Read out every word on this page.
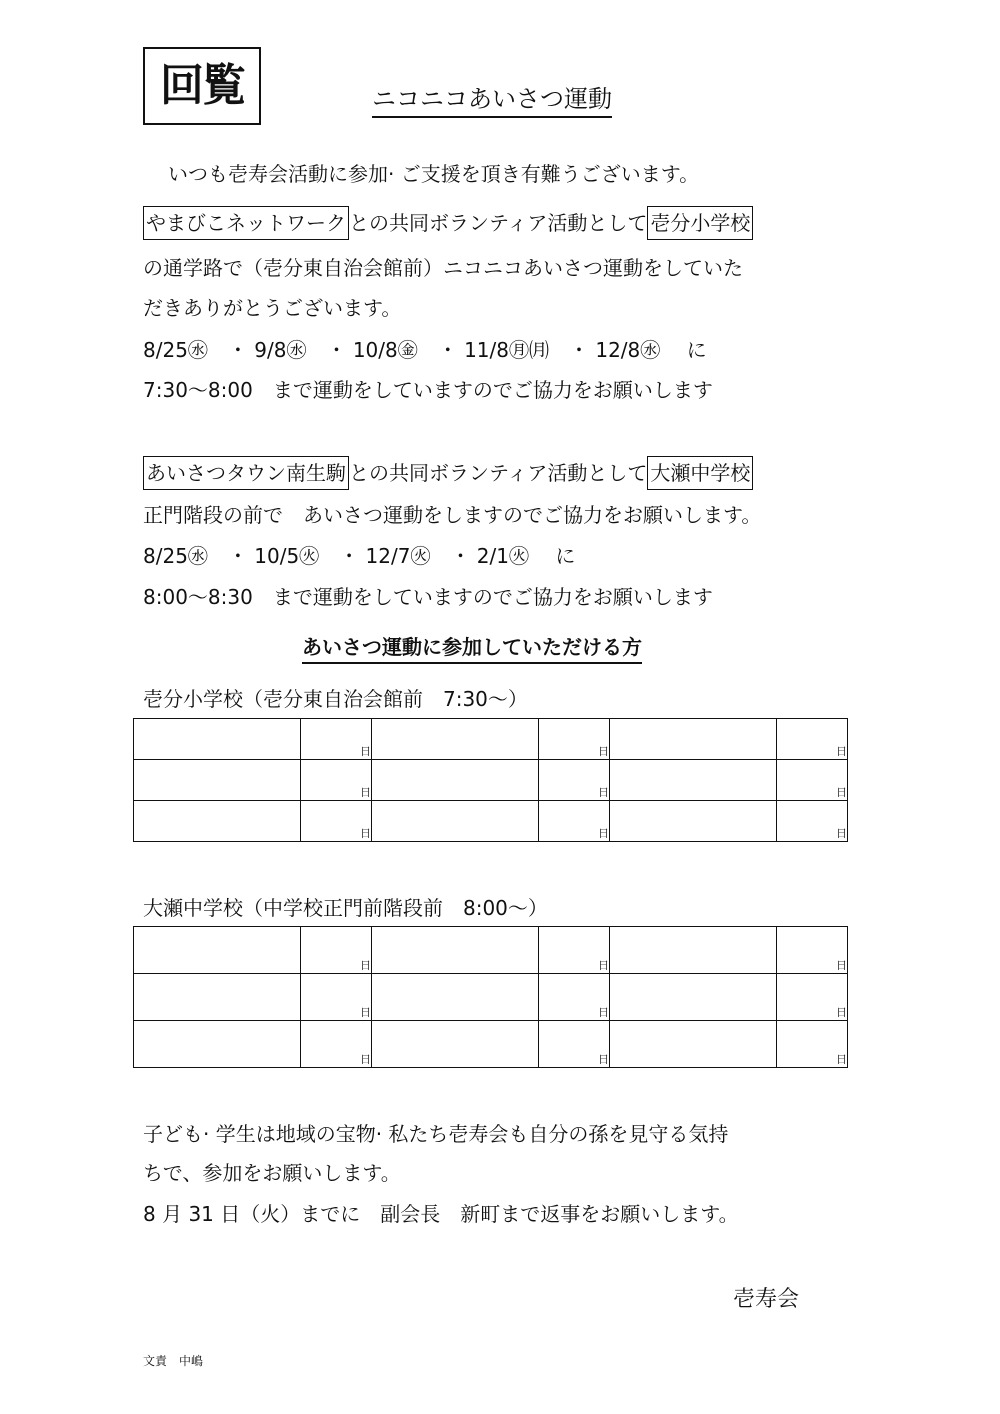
回覧	ニコニコあいさつ運動
いつも壱寿会活動に参加· ご支援を頂き有難うございます。
やまびこネットワーク との共同ボランティア活動として 壱分小学校
の通学路で（壱分東自治会館前）ニコニコあいさつ運動をしていた
だきありがとうございます。
8/25㊌　・ 9/8㊌　・ 10/8㊎　・ 11/8㊊㈪　・ 12/8㊌　 に
7:30～8:00　まで運動をしていますのでご協力をお願いします
あいさつタウン南生駒 との共同ボランティア活動として 大瀬中学校
正門階段の前で　あいさつ運動をしますのでご協力をお願いします。
8/25㊌　・ 10/5㊋　・ 12/7㊋　・ 2/1㊋　 に
8:00～8:30　まで運動をしていますのでご協力をお願いします
あいさつ運動に参加していただける方
壱分小学校（壱分東自治会館前　7:30～）
	日		日		日
	日		日		日
	日		日		日
大瀬中学校（中学校正門前階段前　8:00～）
	日		日		日
	日		日		日
	日		日		日
子ども· 学生は地域の宝物· 私たち壱寿会も自分の孫を見守る気持
ちで、参加をお願いします。
8 月 31 日（火）までに　副会長　新町まで返事をお願いします。
壱寿会
文責　中嶋
